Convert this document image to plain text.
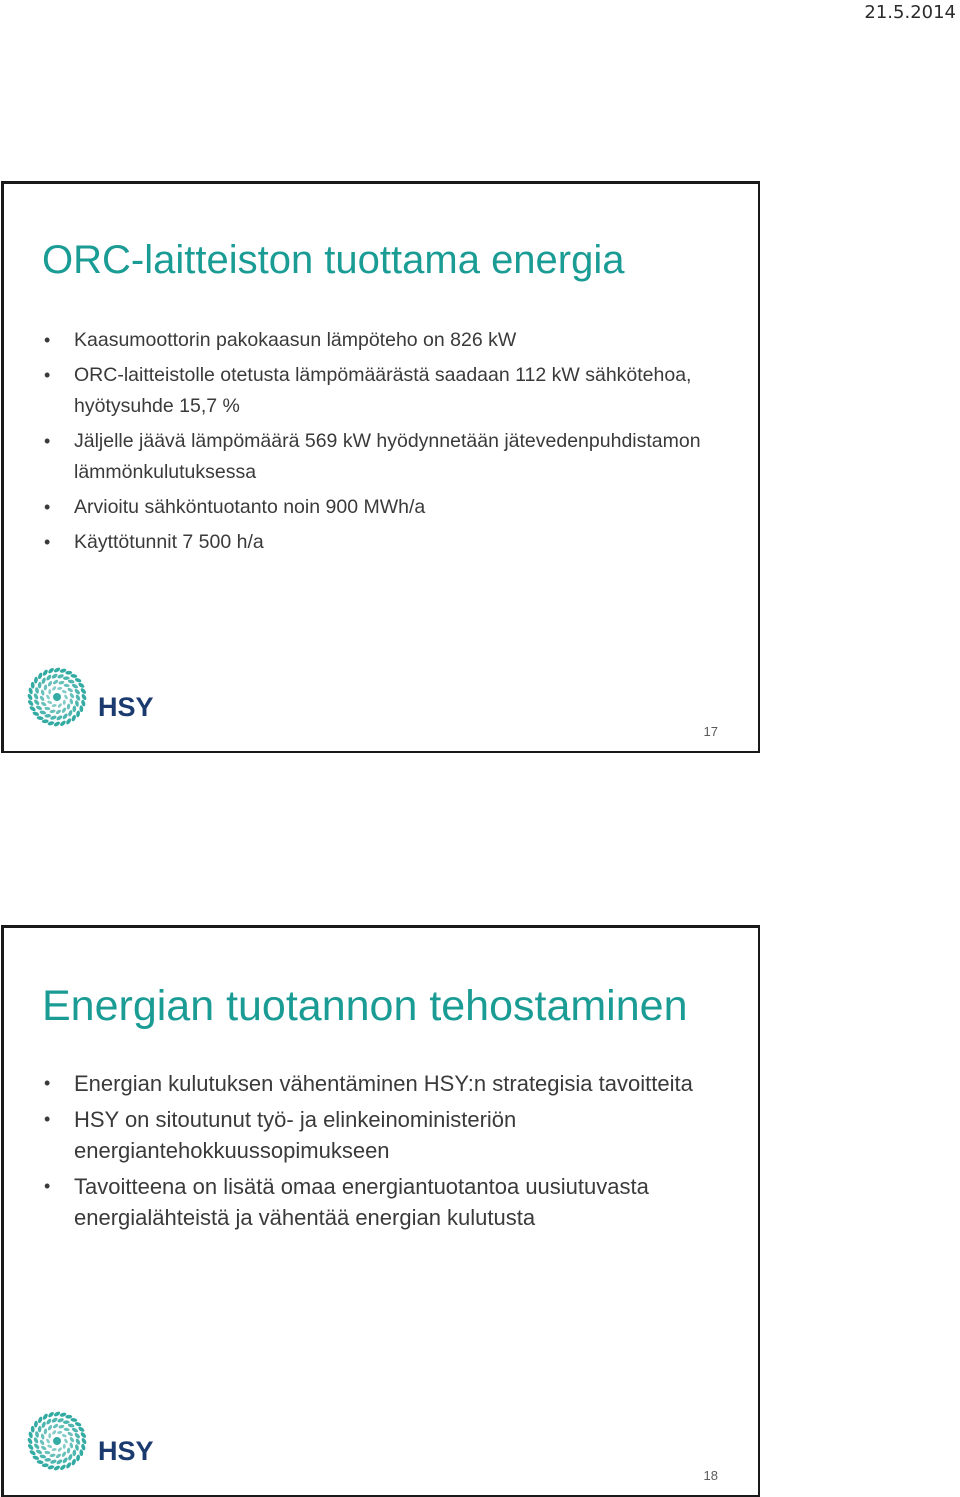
21.5.2014
ORC-laitteiston tuottama energia
• Kaasumoottorin pakokaasun lämpöteho on 826 kW
• ORC-laitteistolle otetusta lämpömäärästä saadaan 112 kW sähkötehoa, hyötysuhde 15,7 %
• Jäljelle jäävä lämpömäärä 569 kW hyödynnetään jätevedenpuhdistamon lämmönkulutuksessa
• Arvioitu sähköntuotanto noin 900 MWh/a
• Käyttötunnit 7 500 h/a
HSY
17
Energian tuotannon tehostaminen
• Energian kulutuksen vähentäminen HSY:n strategisia tavoitteita
• HSY on sitoutunut työ- ja elinkeinoministeriön energiantehokkuussopimukseen
• Tavoitteena on lisätä omaa energiantuotantoa uusiutuvasta energialähteistä ja vähentää energian kulutusta
HSY
18
